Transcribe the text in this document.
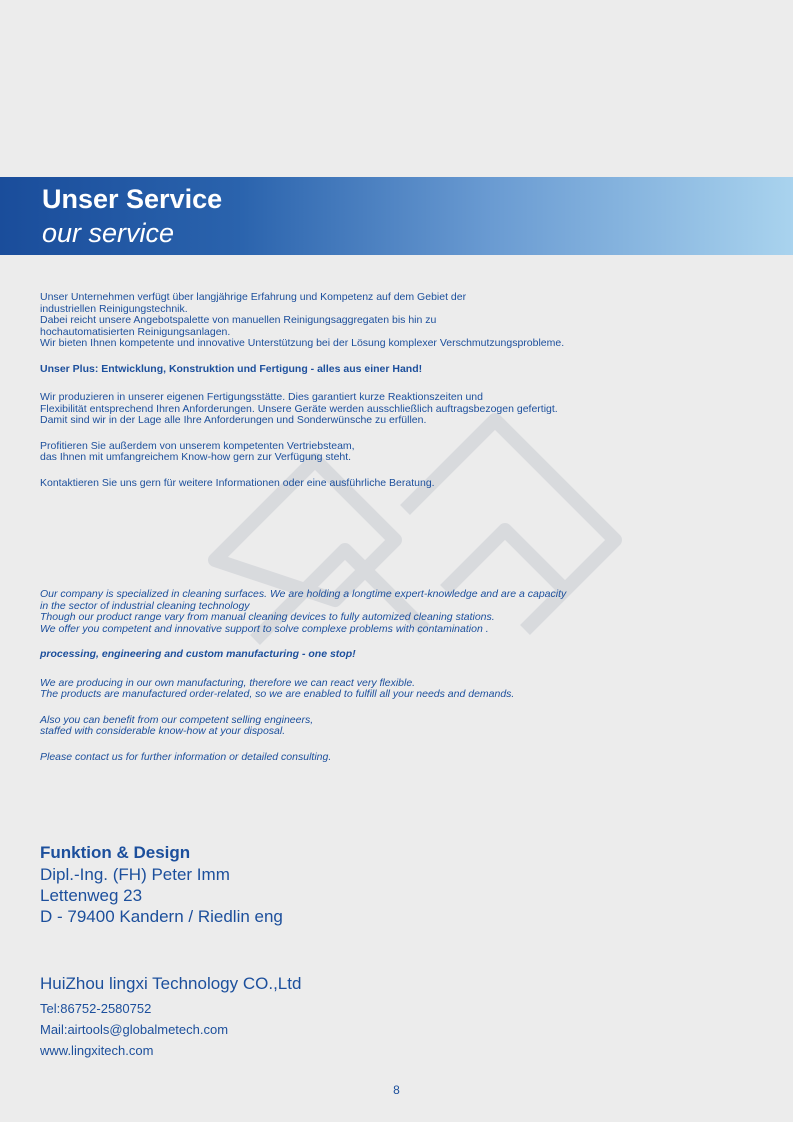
Unser Service
our service

Unser Unternehmen verfügt über langjährige Erfahrung und Kompetenz auf dem Gebiet der
industriellen Reinigungstechnik.
Dabei reicht unsere Angebotspalette von manuellen Reinigungsaggregaten bis hin zu
hochautomatisierten Reinigungsanlagen.
Wir bieten Ihnen kompetente und innovative Unterstützung bei der Lösung komplexer Verschmutzungsprobleme.

Unser Plus: Entwicklung, Konstruktion und Fertigung - alles aus einer Hand!

Wir produzieren in unserer eigenen Fertigungsstätte. Dies garantiert kurze Reaktionszeiten und
Flexibilität entsprechend Ihren Anforderungen. Unsere Geräte werden ausschließlich auftragsbezogen gefertigt.
Damit sind wir in der Lage alle Ihre Anforderungen und Sonderwünsche zu erfüllen.

Profitieren Sie außerdem von unserem kompetenten Vertriebsteam,
das Ihnen mit umfangreichem Know-how gern zur Verfügung steht.

Kontaktieren Sie uns gern für weitere Informationen oder eine ausführliche Beratung.

Our company is specialized in cleaning surfaces. We are holding a longtime expert-knowledge and are a capacity
in the sector of industrial cleaning technology
Though our product range vary from manual cleaning devices to fully automized cleaning stations.
We offer you competent and innovative support to solve complexe problems with contamination .

processing, engineering and custom manufacturing - one stop!

We are producing in our own manufacturing, therefore we can react very flexible.
The products are manufactured order-related, so we are enabled to fulfill all your needs and demands.

Also you can benefit from our competent selling engineers,
staffed with considerable know-how at your disposal.

Please contact us for further information or detailed consulting.

Funktion & Design
Dipl.-Ing. (FH) Peter Imm
Lettenweg 23
D - 79400 Kandern / Riedlin eng
HuiZhou lingxi Technology CO.,Ltd
Tel:86752-2580752
Mail:airtools@globalmetech.com
www.lingxitech.com
8
